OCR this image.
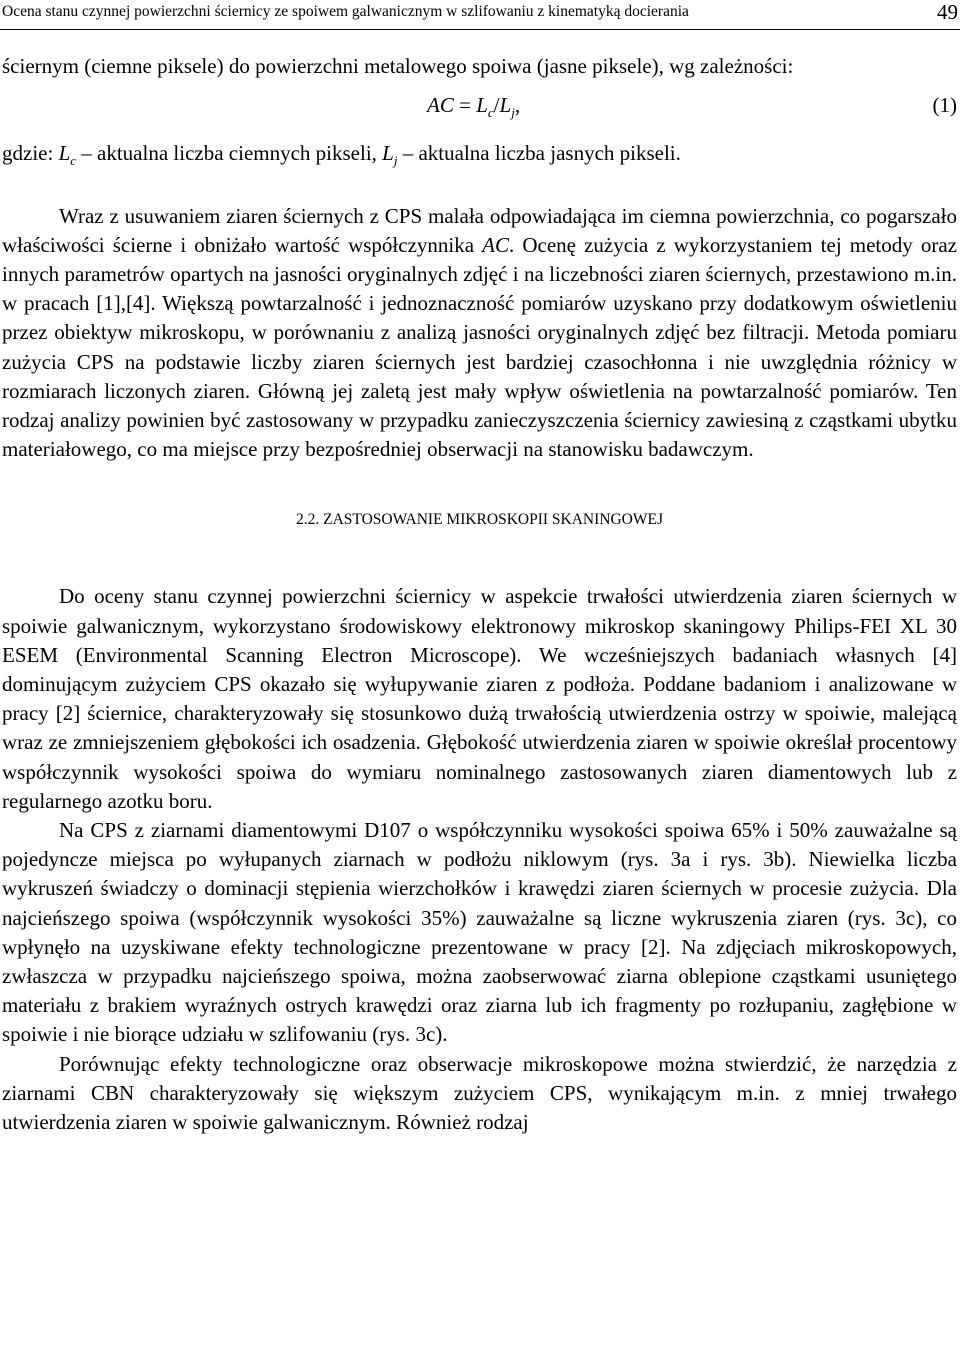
Ocena stanu czynnej powierzchni ściernicy ze spoiwem galwanicznym w szlifowaniu z kinematyką docierania	49

ściernym (ciemne piksele) do powierzchni metalowego spoiwa (jasne piksele), wg zależności:

AC = $L_c/L_j$,	(1)

gdzie: $L_c$ – aktualna liczba ciemnych pikseli, $L_j$ – aktualna liczba jasnych pikseli.

Wraz z usuwaniem ziaren ściernych z CPS malała odpowiadająca im ciemna powierzchnia, co pogarszało właściwości ścierne i obniżało wartość współczynnika AC. Ocenę zużycia z wykorzystaniem tej metody oraz innych parametrów opartych na jasności oryginalnych zdjęć i na liczebności ziaren ściernych, przestawiono m.in. w pracach [1],[4]. Większą powtarzalność i jednoznaczność pomiarów uzyskano przy dodatkowym oświetleniu przez obiektyw mikroskopu, w porównaniu z analizą jasności oryginalnych zdjęć bez filtracji. Metoda pomiaru zużycia CPS na podstawie liczby ziaren ściernych jest bardziej czasochłonna i nie uwzględnia różnicy w rozmiarach liczonych ziaren. Główną jej zaletą jest mały wpływ oświetlenia na powtarzalność pomiarów. Ten rodzaj analizy powinien być zastosowany w przypadku zanieczyszczenia ściernicy zawiesiną z cząstkami ubytku materiałowego, co ma miejsce przy bezpośredniej obserwacji na stanowisku badawczym.

2.2. ZASTOSOWANIE MIKROSKOPII SKANINGOWEJ

Do oceny stanu czynnej powierzchni ściernicy w aspekcie trwałości utwierdzenia ziaren ściernych w spoiwie galwanicznym, wykorzystano środowiskowy elektronowy mikroskop skaningowy Philips-FEI XL 30 ESEM (Environmental Scanning Electron Microscope). We wcześniejszych badaniach własnych [4] dominującym zużyciem CPS okazało się wyłupywanie ziaren z podłoża. Poddane badaniom i analizowane w pracy [2] ściernice, charakteryzowały się stosunkowo dużą trwałością utwierdzenia ostrzy w spoiwie, malejącą wraz ze zmniejszeniem głębokości ich osadzenia. Głębokość utwierdzenia ziaren w spoiwie określał procentowy współczynnik wysokości spoiwa do wymiaru nominalnego zastosowanych ziaren diamentowych lub z regularnego azotku boru.

Na CPS z ziarnami diamentowymi D107 o współczynniku wysokości spoiwa 65% i 50% zauważalne są pojedyncze miejsca po wyłupanych ziarnach w podłożu niklowym (rys. 3a i rys. 3b). Niewielka liczba wykruszeń świadczy o dominacji stępienia wierzchołków i krawędzi ziaren ściernych w procesie zużycia. Dla najcieńszego spoiwa (współczynnik wysokości 35%) zauważalne są liczne wykruszenia ziaren (rys. 3c), co wpłynęło na uzyskiwane efekty technologiczne prezentowane w pracy [2]. Na zdjęciach mikroskopowych, zwłaszcza w przypadku najcieńszego spoiwa, można zaobserwować ziarna oblepione cząstkami usuniętego materiału z brakiem wyraźnych ostrych krawędzi oraz ziarna lub ich fragmenty po rozłupaniu, zagłębione w spoiwie i nie biorące udziału w szlifowaniu (rys. 3c).

Porównując efekty technologiczne oraz obserwacje mikroskopowe można stwierdzić, że narzędzia z ziarnami CBN charakteryzowały się większym zużyciem CPS, wynikającym m.in. z mniej trwałego utwierdzenia ziaren w spoiwie galwanicznym. Również rodzaj
